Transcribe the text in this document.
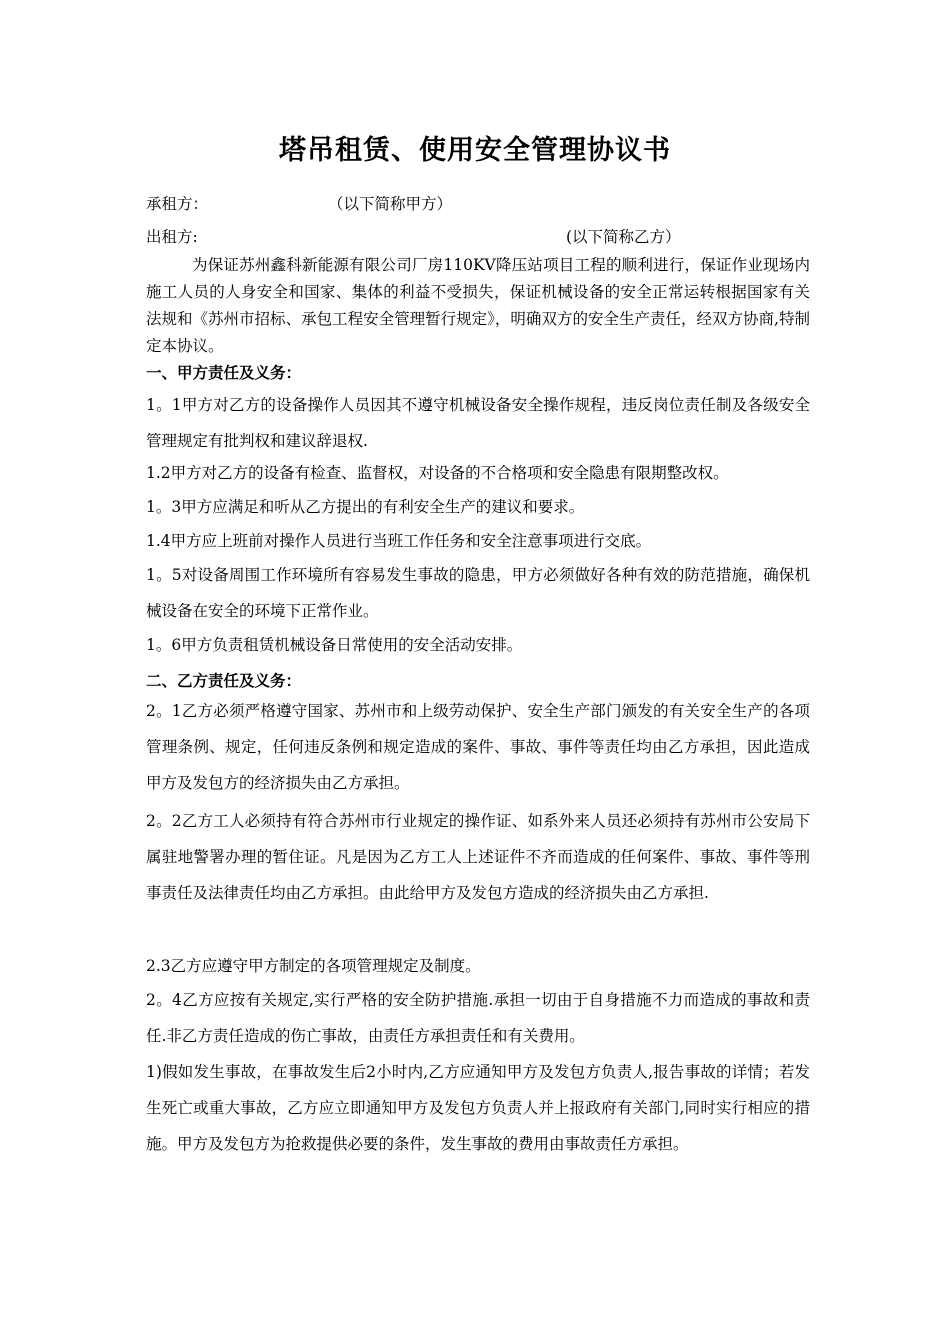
塔吊租赁、使用安全管理协议书
承租方：	（以下简称甲方）
出租方:	(以下简称乙方）
为保证苏州鑫科新能源有限公司厂房110KV降压站项目工程的顺利进行，保证作业现场内施工人员的人身安全和国家、集体的利益不受损失，保证机械设备的安全正常运转根据国家有关法规和《苏州市招标、承包工程安全管理暂行规定》，明确双方的安全生产责任，经双方协商,特制定本协议。
一、甲方责任及义务：
1。1甲方对乙方的设备操作人员因其不遵守机械设备安全操作规程，违反岗位责任制及各级安全管理规定有批判权和建议辞退权.
1.2甲方对乙方的设备有检查、监督权，对设备的不合格项和安全隐患有限期整改权。
1。3甲方应满足和听从乙方提出的有利安全生产的建议和要求。
1.4甲方应上班前对操作人员进行当班工作任务和安全注意事项进行交底。
1。5对设备周围工作环境所有容易发生事故的隐患，甲方必须做好各种有效的防范措施，确保机械设备在安全的环境下正常作业。
1。6甲方负责租赁机械设备日常使用的安全活动安排。
二、乙方责任及义务：
2。1乙方必须严格遵守国家、苏州市和上级劳动保护、安全生产部门颁发的有关安全生产的各项管理条例、规定，任何违反条例和规定造成的案件、事故、事件等责任均由乙方承担，因此造成甲方及发包方的经济损失由乙方承担。
2。2乙方工人必须持有符合苏州市行业规定的操作证、如系外来人员还必须持有苏州市公安局下属驻地警署办理的暂住证。凡是因为乙方工人上述证件不齐而造成的任何案件、事故、事件等刑事责任及法律责任均由乙方承担。由此给甲方及发包方造成的经济损失由乙方承担.
2.3乙方应遵守甲方制定的各项管理规定及制度。
2。4乙方应按有关规定,实行严格的安全防护措施.承担一切由于自身措施不力而造成的事故和责任.非乙方责任造成的伤亡事故，由责任方承担责任和有关费用。
1)假如发生事故，在事故发生后2小时内,乙方应通知甲方及发包方负责人,报告事故的详情；若发生死亡或重大事故，乙方应立即通知甲方及发包方负责人并上报政府有关部门,同时实行相应的措施。甲方及发包方为抢救提供必要的条件，发生事故的费用由事故责任方承担。
